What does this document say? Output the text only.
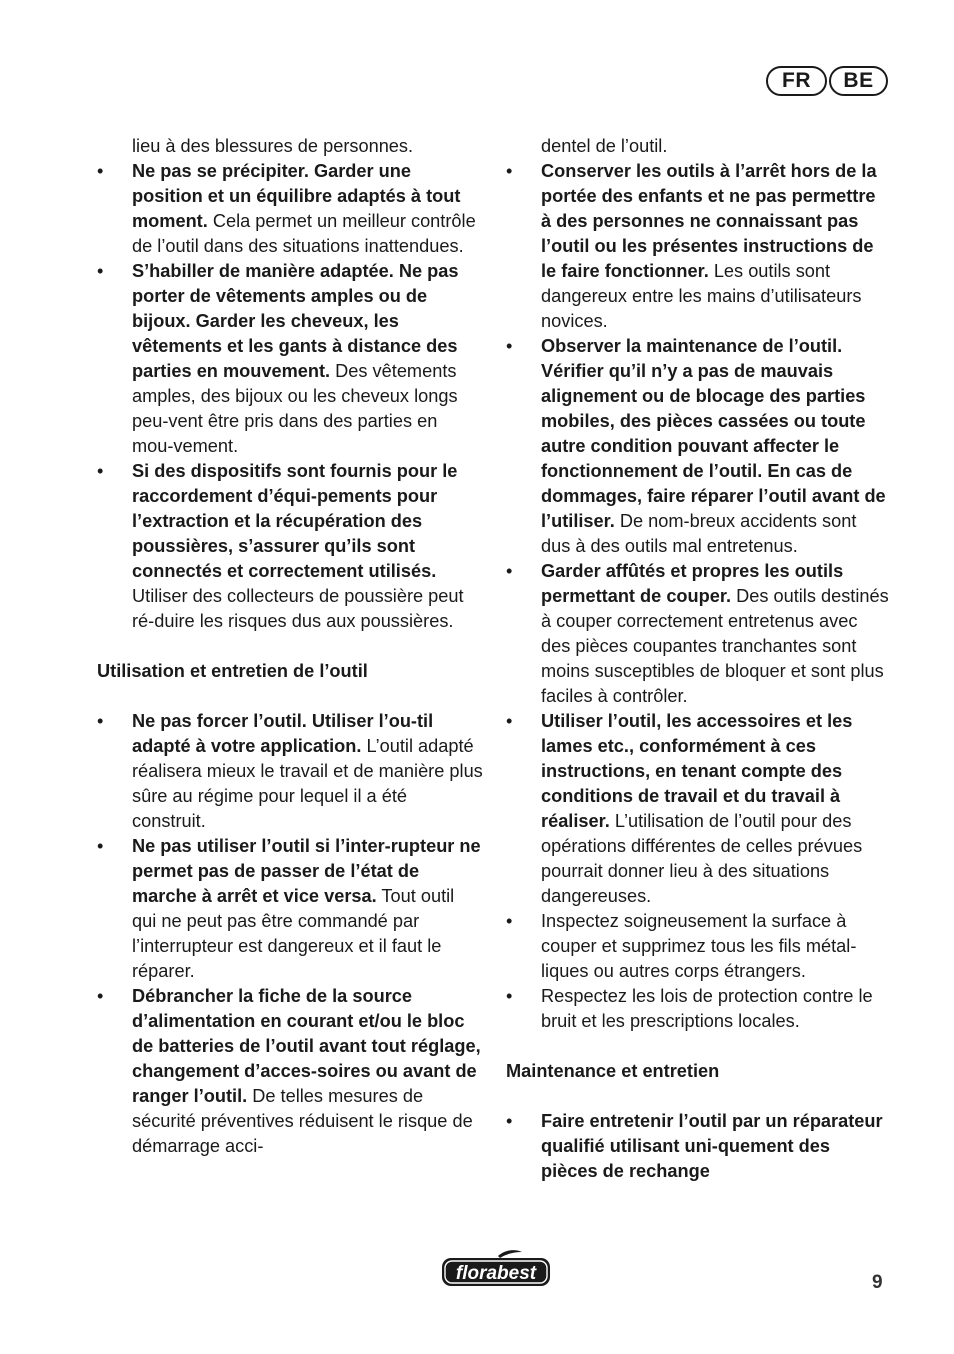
FR	BE
lieu à des blessures de personnes.
•	Ne pas se précipiter. Garder une position et un équilibre adaptés à tout moment. Cela permet un meilleur contrôle de l’outil dans des situations inattendues.
•	S’habiller de manière adaptée. Ne pas porter de vêtements amples ou de bijoux. Garder les cheveux, les vêtements et les gants à distance des parties en mouvement. Des vêtements amples, des bijoux ou les cheveux longs peu-vent être pris dans des parties en mou-vement.
•	Si des dispositifs sont fournis pour le raccordement d’équi-pements pour l’extraction et la récupération des poussières, s’assurer qu’ils sont connectés et correctement utilisés. Utiliser des collecteurs de poussière peut ré-duire les risques dus aux poussières.
Utilisation et entretien de l’outil
•	Ne pas forcer l’outil. Utiliser l’ou-til adapté à votre application. L’outil adapté réalisera mieux le travail et de manière plus sûre au régime pour lequel il a été construit.
•	Ne pas utiliser l’outil si l’inter-rupteur ne permet pas de passer de l’état de marche à arrêt et vice versa. Tout outil qui ne peut pas être commandé par l’interrupteur est dangereux et il faut le réparer.
•	Débrancher la fiche de la source d’alimentation en courant et/ou le bloc de batteries de l’outil avant tout réglage, changement d’acces-soires ou avant de ranger l’outil. De telles mesures de sécurité préventives réduisent le risque de démarrage acci-
dentel de l’outil.
•	Conserver les outils à l’arrêt hors de la portée des enfants et ne pas permettre à des personnes ne connaissant pas l’outil ou les présentes instructions de le faire fonctionner. Les outils sont dangereux entre les mains d’utilisateurs novices.
•	Observer la maintenance de l’outil. Vérifier qu’il n’y a pas de mauvais alignement ou de blocage des parties mobiles, des pièces cassées ou toute autre condition pouvant affecter le fonctionnement de l’outil. En cas de dommages, faire réparer l’outil avant de l’utiliser. De nom-breux accidents sont dus à des outils mal entretenus.
•	Garder affûtés et propres les outils permettant de couper. Des outils destinés à couper correctement entretenus avec des pièces coupantes tranchantes sont moins susceptibles de bloquer et sont plus faciles à contrôler.
•	Utiliser l’outil, les accessoires et les lames etc., conformément à ces instructions, en tenant compte des conditions de travail et du travail à réaliser. L’utilisation de l’outil pour des opérations différentes de celles prévues pourrait donner lieu à des situations dangereuses.
•	Inspectez soigneusement la surface à couper et supprimez tous les fils métal-liques ou autres corps étrangers.
•	Respectez les lois de protection contre le bruit et les prescriptions locales.
Maintenance et entretien
•	Faire entretenir l’outil par un réparateur qualifié utilisant uni-quement des pièces de rechange
florabest	9
